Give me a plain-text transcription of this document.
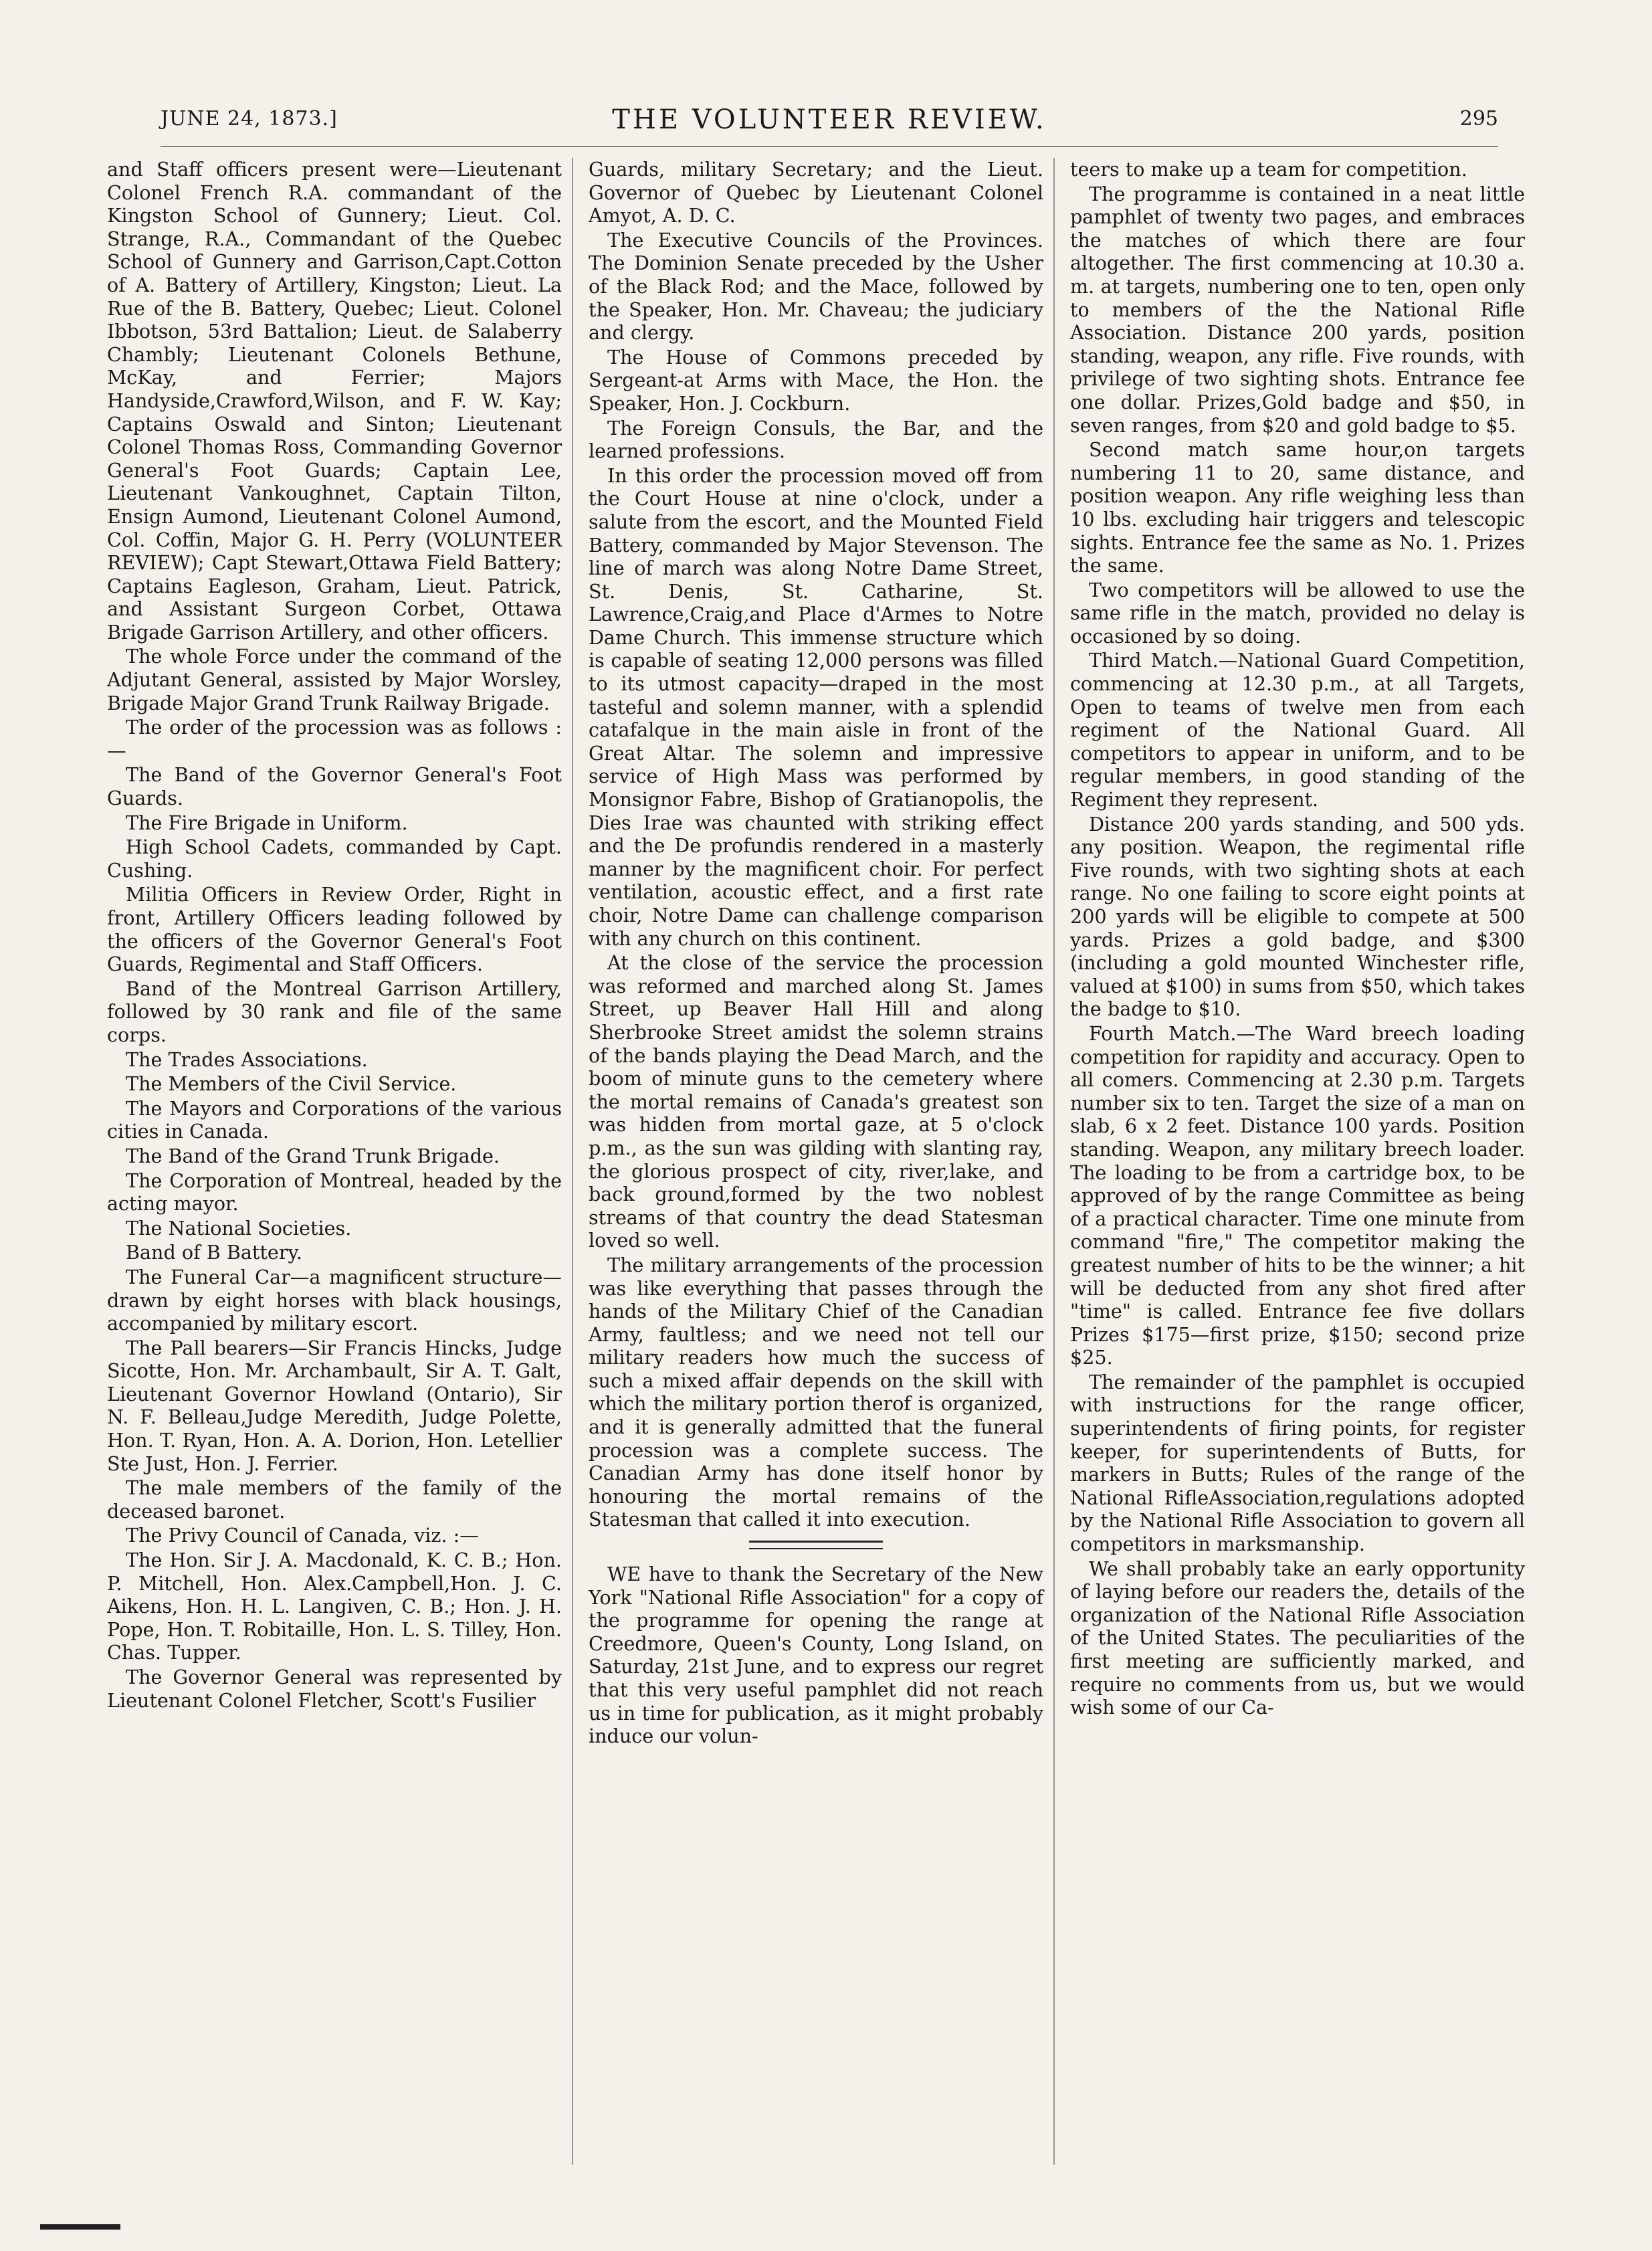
JUNE 24, 1873.]	THE VOLUNTEER REVIEW.	295

and Staff officers present were—Lieutenant Colonel French R.A. commandant of the Kingston School of Gunnery; Lieut. Col. Strange, R.A., Commandant of the Quebec School of Gunnery and Garrison,Capt.Cotton of A. Battery of Artillery, Kingston; Lieut. La Rue of the B. Battery, Quebec; Lieut. Colonel Ibbotson, 53rd Battalion; Lieut. de Salaberry Chambly; Lieutenant Colonels Bethune, McKay, and Ferrier; Majors Handyside,Crawford,Wilson, and F. W. Kay; Captains Oswald and Sinton; Lieutenant Colonel Thomas Ross, Commanding Governor General's Foot Guards; Captain Lee, Lieutenant Vankoughnet, Captain Tilton, Ensign Aumond, Lieutenant Colonel Aumond, Col. Coffin, Major G. H. Perry (VOLUNTEER REVIEW); Capt Stewart,Ottawa Field Battery; Captains Eagleson, Graham, Lieut. Patrick, and Assistant Surgeon Corbet, Ottawa Brigade Garrison Artillery, and other officers.

The whole Force under the command of the Adjutant General, assisted by Major Worsley, Brigade Major Grand Trunk Railway Brigade.

The order of the procession was as follows :—

The Band of the Governor General's Foot Guards.

The Fire Brigade in Uniform.

High School Cadets, commanded by Capt. Cushing.

Militia Officers in Review Order, Right in front, Artillery Officers leading followed by the officers of the Governor General's Foot Guards, Regimental and Staff Officers.

Band of the Montreal Garrison Artillery, followed by 30 rank and file of the same corps.

The Trades Associations.

The Members of the Civil Service.

The Mayors and Corporations of the various cities in Canada.

The Band of the Grand Trunk Brigade.

The Corporation of Montreal, headed by the acting mayor.

The National Societies.

Band of B Battery.

The Funeral Car—a magnificent structure—drawn by eight horses with black housings, accompanied by military escort.

The Pall bearers—Sir Francis Hincks, Judge Sicotte, Hon. Mr. Archambault, Sir A. T. Galt, Lieutenant Governor Howland (Ontario), Sir N. F. Belleau,Judge Meredith, Judge Polette, Hon. T. Ryan, Hon. A. A. Dorion, Hon. Letellier Ste Just, Hon. J. Ferrier.

The male members of the family of the deceased baronet.

The Privy Council of Canada, viz. :—

The Hon. Sir J. A. Macdonald, K. C. B.; Hon. P. Mitchell, Hon. Alex.Campbell,Hon. J. C. Aikens, Hon. H. L. Langiven, C. B.; Hon. J. H. Pope, Hon. T. Robitaille, Hon. L. S. Tilley, Hon. Chas. Tupper.

The Governor General was represented by Lieutenant Colonel Fletcher, Scott's Fusilier

Guards, military Secretary; and the Lieut. Governor of Quebec by Lieutenant Colonel Amyot, A. D. C.

The Executive Councils of the Provinces. The Dominion Senate preceded by the Usher of the Black Rod; and the Mace, followed by the Speaker, Hon. Mr. Chaveau; the judiciary and clergy.

The House of Commons preceded by Sergeant-at Arms with Mace, the Hon. the Speaker, Hon. J. Cockburn.

The Foreign Consuls, the Bar, and the learned professions.

In this order the procession moved off from the Court House at nine o'clock, under a salute from the escort, and the Mounted Field Battery, commanded by Major Stevenson. The line of march was along Notre Dame Street, St. Denis, St. Catharine, St. Lawrence,Craig,and Place d'Armes to Notre Dame Church. This immense structure which is capable of seating 12,000 persons was filled to its utmost capacity—draped in the most tasteful and solemn manner, with a splendid catafalque in the main aisle in front of the Great Altar. The solemn and impressive service of High Mass was performed by Monsignor Fabre, Bishop of Gratianopolis, the Dies Irae was chaunted with striking effect and the De profundis rendered in a masterly manner by the magnificent choir. For perfect ventilation, acoustic effect, and a first rate choir, Notre Dame can challenge comparison with any church on this continent.

At the close of the service the procession was reformed and marched along St. James Street, up Beaver Hall Hill and along Sherbrooke Street amidst the solemn strains of the bands playing the Dead March, and the boom of minute guns to the cemetery where the mortal remains of Canada's greatest son was hidden from mortal gaze, at 5 o'clock p.m., as the sun was gilding with slanting ray, the glorious prospect of city, river,lake, and back ground,formed by the two noblest streams of that country the dead Statesman loved so well.

The military arrangements of the procession was like everything that passes through the hands of the Military Chief of the Canadian Army, faultless; and we need not tell our military readers how much the success of such a mixed affair depends on the skill with which the military portion therof is organized, and it is generally admitted that the funeral procession was a complete success. The Canadian Army has done itself honor by honouring the mortal remains of the Statesman that called it into execution.

WE have to thank the Secretary of the New York "National Rifle Association" for a copy of the programme for opening the range at Creedmore, Queen's County, Long Island, on Saturday, 21st June, and to express our regret that this very useful pamphlet did not reach us in time for publication, as it might probably induce our volun-

teers to make up a team for competition.

The programme is contained in a neat little pamphlet of twenty two pages, and embraces the matches of which there are four altogether. The first commencing at 10.30 a. m. at targets, numbering one to ten, open only to members of the the National Rifle Association. Distance 200 yards, position standing, weapon, any rifle. Five rounds, with privilege of two sighting shots. Entrance fee one dollar. Prizes,Gold badge and $50, in seven ranges, from $20 and gold badge to $5.

Second match same hour,on targets numbering 11 to 20, same distance, and position weapon. Any rifle weighing less than 10 lbs. excluding hair triggers and telescopic sights. Entrance fee the same as No. 1. Prizes the same.

Two competitors will be allowed to use the same rifle in the match, provided no delay is occasioned by so doing.

Third Match.—National Guard Competition, commencing at 12.30 p.m., at all Targets, Open to teams of twelve men from each regiment of the National Guard. All competitors to appear in uniform, and to be regular members, in good standing of the Regiment they represent.

Distance 200 yards standing, and 500 yds. any position. Weapon, the regimental rifle Five rounds, with two sighting shots at each range. No one failing to score eight points at 200 yards will be eligible to compete at 500 yards. Prizes a gold badge, and $300 (including a gold mounted Winchester rifle, valued at $100) in sums from $50, which takes the badge to $10.

Fourth Match.—The Ward breech loading competition for rapidity and accuracy. Open to all comers. Commencing at 2.30 p.m. Targets number six to ten. Target the size of a man on slab, 6 x 2 feet. Distance 100 yards. Position standing. Weapon, any military breech loader. The loading to be from a cartridge box, to be approved of by the range Committee as being of a practical character. Time one minute from command "fire," The competitor making the greatest number of hits to be the winner; a hit will be deducted from any shot fired after "time" is called. Entrance fee five dollars Prizes $175—first prize, $150; second prize $25.

The remainder of the pamphlet is occupied with instructions for the range officer, superintendents of firing points, for register keeper, for superintendents of Butts, for markers in Butts; Rules of the range of the National RifleAssociation,regulations adopted by the National Rifle Association to govern all competitors in marksmanship.

We shall probably take an early opportunity of laying before our readers the, details of the organization of the National Rifle Association of the United States. The peculiarities of the first meeting are sufficiently marked, and require no comments from us, but we would wish some of our Ca-
